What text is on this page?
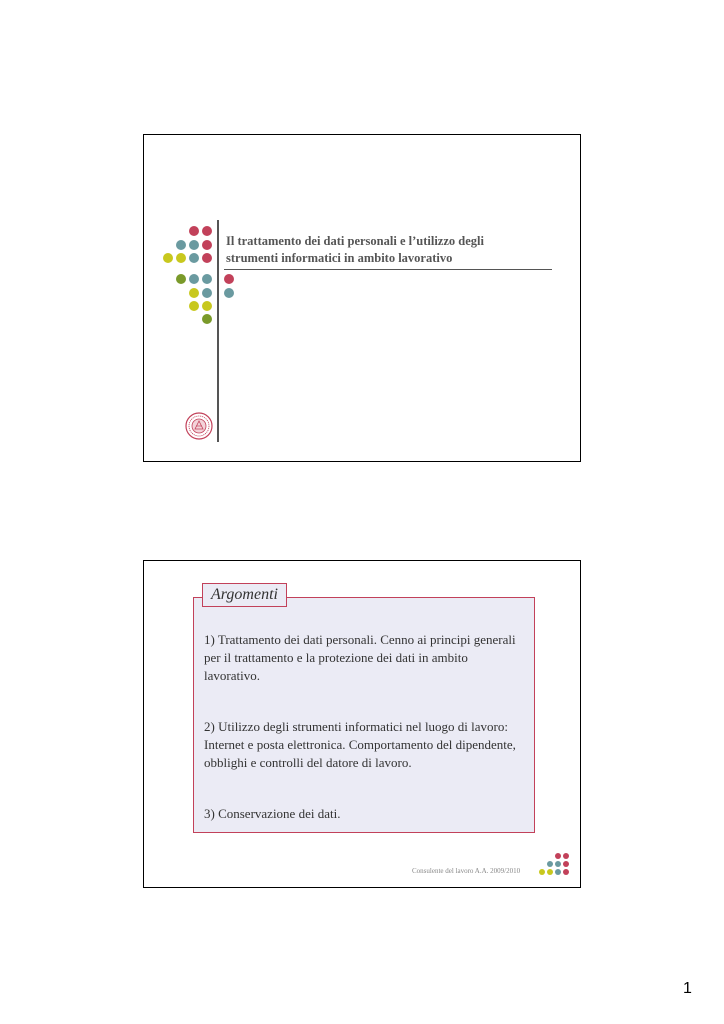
Il trattamento dei dati personali e l’utilizzo degli
strumenti informatici in ambito lavorativo
Argomenti
1) Trattamento dei dati personali. Cenno ai principi generali per il trattamento e la protezione dei dati in ambito lavorativo.
2) Utilizzo degli strumenti informatici nel luogo di lavoro: Internet e posta elettronica. Comportamento del dipendente, obblighi e controlli del datore di lavoro.
3) Conservazione dei dati.
Consulente del lavoro A.A. 2009/2010
1
